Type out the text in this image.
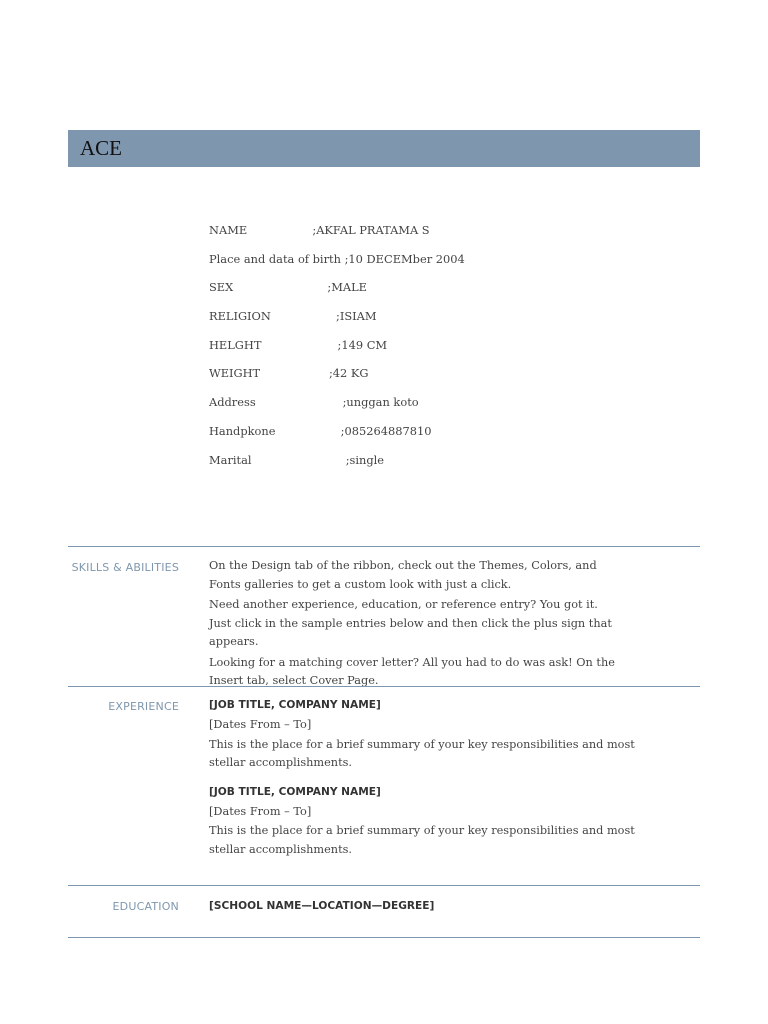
ACE
NAME	;AKFAL PRATAMA S
Place and data of birth ;10 DECEMber 2004
SEX	;MALE
RELIGION	;ISIAM
HELGHT	;149 CM
WEIGHT	;42 KG
Address	;unggan koto
Handpkone	;085264887810
Marital	;single
SKILLS & ABILITIES	On the Design tab of the ribbon, check out the Themes, Colors, and Fonts galleries to get a custom look with just a click.

Need another experience, education, or reference entry? You got it. Just click in the sample entries below and then click the plus sign that appears.

Looking for a matching cover letter? All you had to do was ask! On the Insert tab, select Cover Page.

EXPERIENCE	[JOB TITLE, COMPANY NAME]

[Dates From – To]

This is the place for a brief summary of your key responsibilities and most stellar accomplishments.

[JOB TITLE, COMPANY NAME]

[Dates From – To]

This is the place for a brief summary of your key responsibilities and most stellar accomplishments.

EDUCATION	[SCHOOL NAME—LOCATION—DEGREE]
